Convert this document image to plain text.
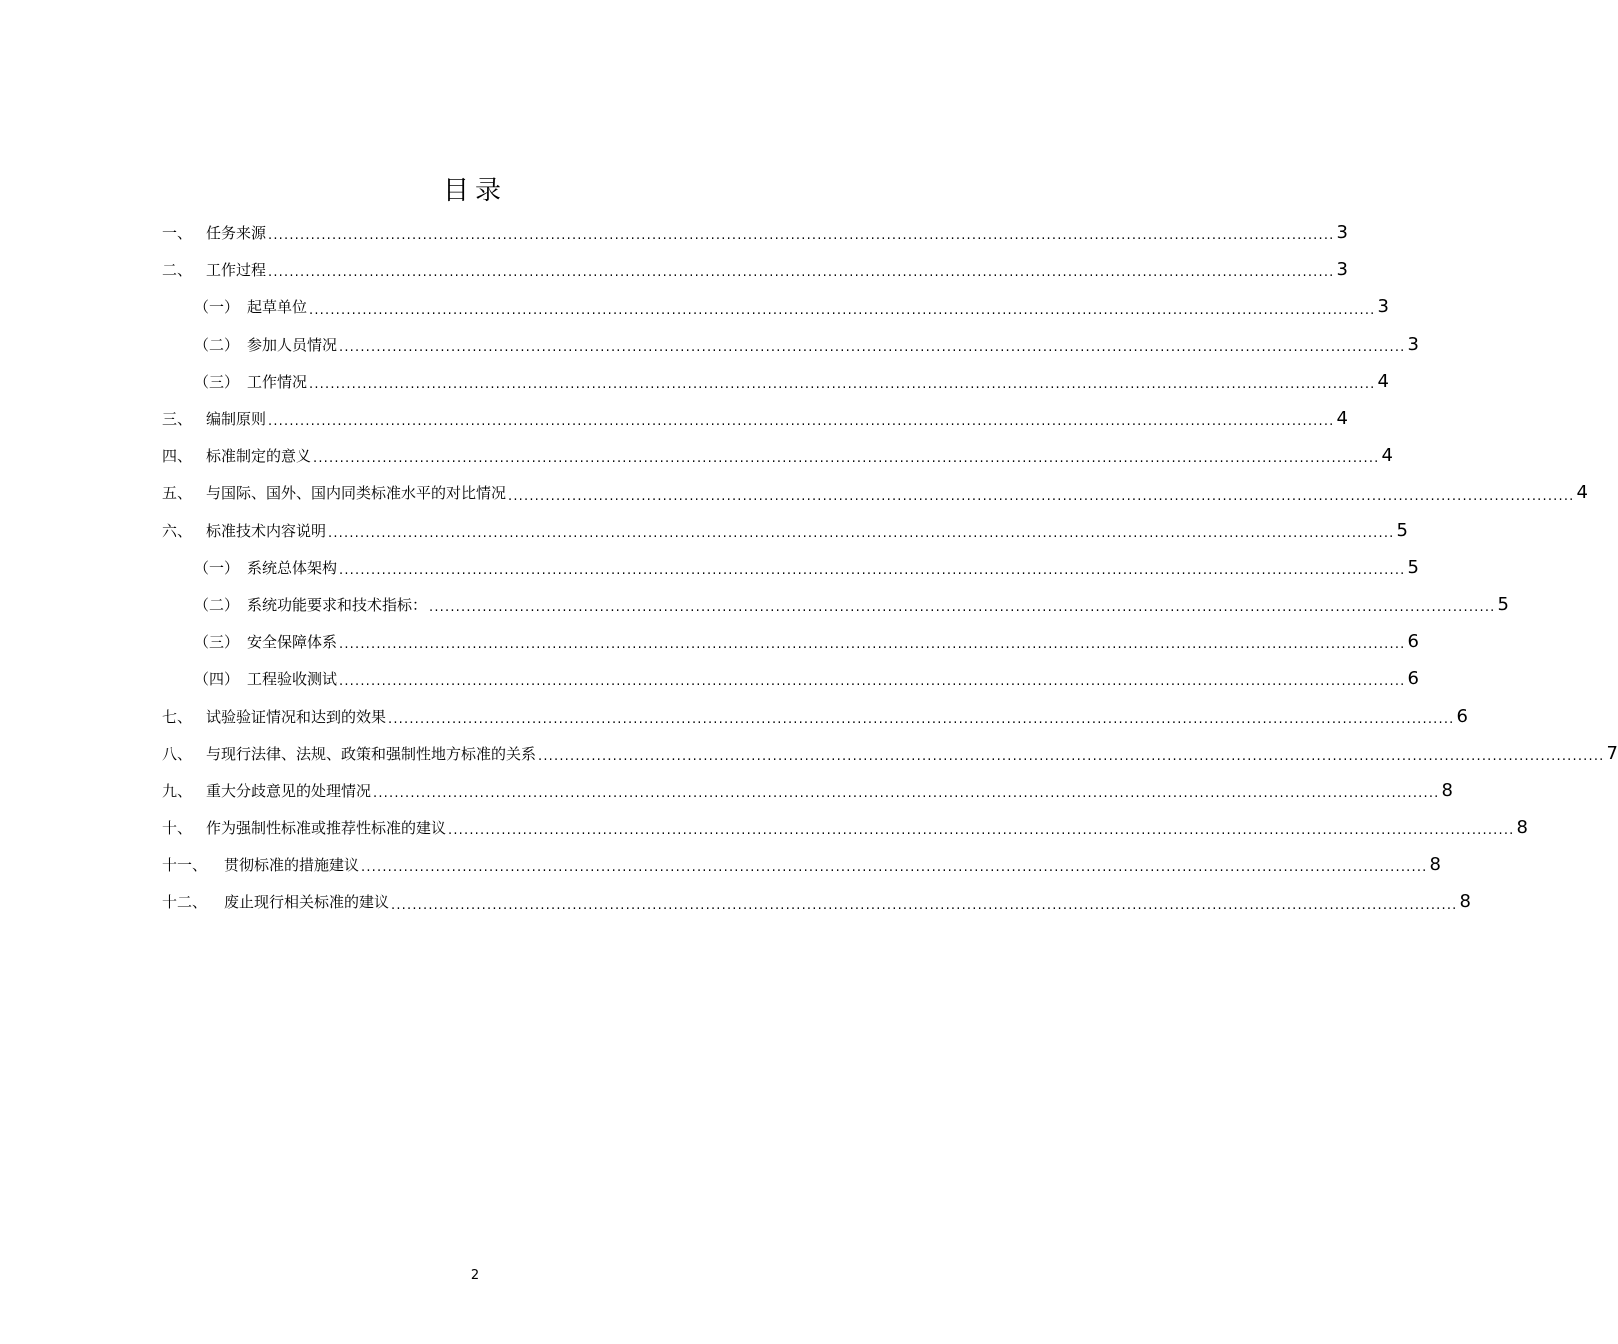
目录
一、 任务来源 ........................................................................................................................................................................................................ 3
二、 工作过程 ........................................................................................................................................................................................................ 3
（一） 起草单位 ........................................................................................................................................................................................................ 3
（二） 参加人员情况 ........................................................................................................................................................................................................ 3
（三） 工作情况 ........................................................................................................................................................................................................ 4
三、 编制原则 ........................................................................................................................................................................................................ 4
四、 标准制定的意义 ........................................................................................................................................................................................................ 4
五、 与国际、国外、国内同类标准水平的对比情况 ........................................................................................................................................................................................................ 4
六、 标准技术内容说明 ........................................................................................................................................................................................................ 5
（一） 系统总体架构 ........................................................................................................................................................................................................ 5
（二） 系统功能要求和技术指标： ........................................................................................................................................................................................................ 5
（三） 安全保障体系 ........................................................................................................................................................................................................ 6
（四） 工程验收测试 ........................................................................................................................................................................................................ 6
七、 试验验证情况和达到的效果 ........................................................................................................................................................................................................ 6
八、 与现行法律、法规、政策和强制性地方标准的关系 ........................................................................................................................................................................................................ 7
九、 重大分歧意见的处理情况 ........................................................................................................................................................................................................ 8
十、 作为强制性标准或推荐性标准的建议 ........................................................................................................................................................................................................ 8
十一、	贯彻标准的措施建议 ........................................................................................................................................................................................................ 8
十二、	废止现行相关标准的建议 ........................................................................................................................................................................................................ 8
2
